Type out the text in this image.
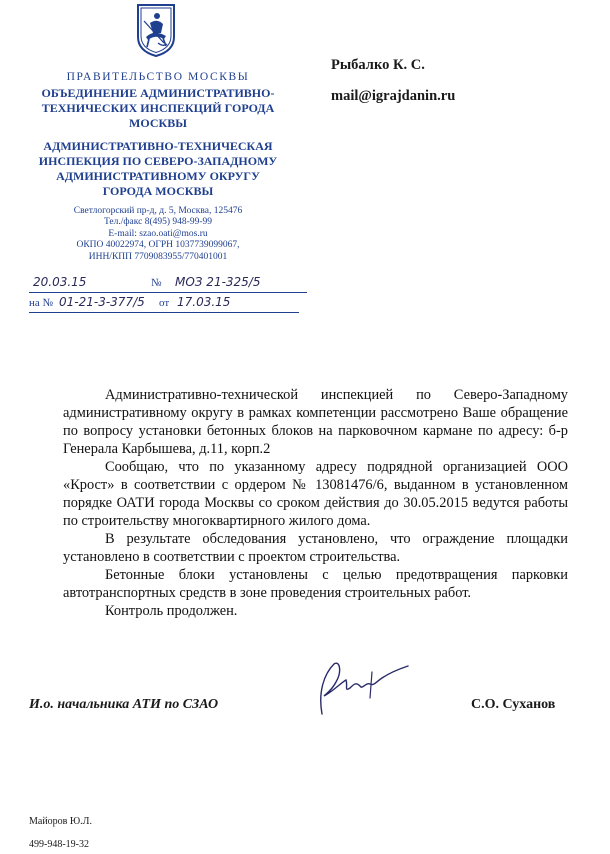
ПРАВИТЕЛЬСТВО МОСКВЫ
ОБЪЕДИНЕНИЕ АДМИНИСТРАТИВНО-
ТЕХНИЧЕСКИХ ИНСПЕКЦИЙ ГОРОДА
МОСКВЫ
АДМИНИСТРАТИВНО-ТЕХНИЧЕСКАЯ
ИНСПЕКЦИЯ ПО СЕВЕРО-ЗАПАДНОМУ
АДМИНИСТРАТИВНОМУ ОКРУГУ
ГОРОДА МОСКВЫ
Светлогорский пр-д, д. 5, Москва, 125476
Тел./факс 8(495) 948-99-99
E-mail: szao.oati@mos.ru
ОКПО 40022974, ОГРН 1037739099067,
ИНН/КПП 7709083955/770401001
Рыбалко К. С.
mail@igrajdanin.ru
20.03.15	№ МОЗ 21-325/5
на № 01-21-3-377/5 от 17.03.15

Административно-технической инспекцией по Северо-Западному административному округу в рамках компетенции рассмотрено Ваше обращение по вопросу установки бетонных блоков на парковочном кармане по адресу: б-р Генерала Карбышева, д.11, корп.2

Сообщаю, что по указанному адресу подрядной организацией ООО «Крост» в соответствии с ордером № 13081476/6, выданном в установленном порядке ОАТИ города Москвы со сроком действия до 30.05.2015 ведутся работы по строительству многоквартирного жилого дома.

В результате обследования установлено, что ограждение площадки установлено в соответствии с проектом строительства.

Бетонные блоки установлены с целью предотвращения парковки автотранспортных средств в зоне проведения строительных работ.

Контроль продолжен.

И.о. начальника АТИ по СЗАО	С.О. Суханов
Майоров Ю.Л.
499-948-19-32
